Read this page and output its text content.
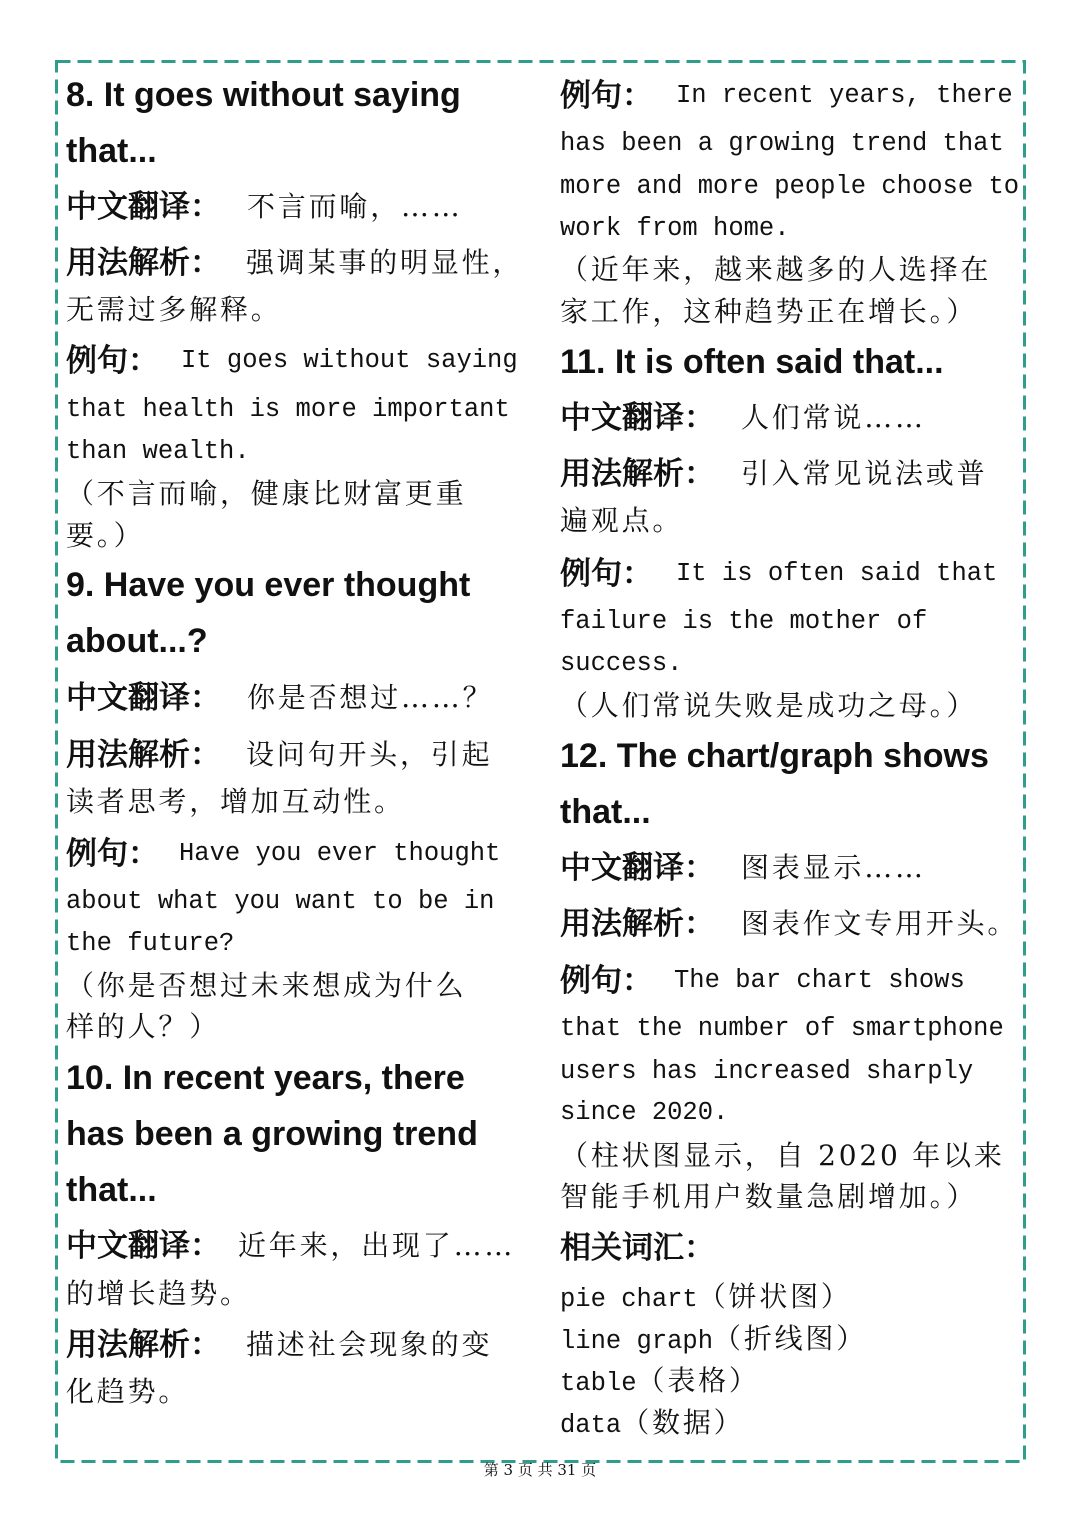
8. It goes without saying
that...
中文翻译： 不言而喻，……
用法解析： 强调某事的明显性，
无需过多解释。
例句： It goes without saying
that health is more important
than wealth.
（不言而喻，健康比财富更重
要。）
9. Have you ever thought
about...?
中文翻译： 你是否想过……？
用法解析： 设问句开头，引起
读者思考，增加互动性。
例句： Have you ever thought
about what you want to be in
the future?
（你是否想过未来想成为什么
样的人？）
10. In recent years, there
has been a growing trend
that...
中文翻译： 近年来，出现了……
的增长趋势。
用法解析： 描述社会现象的变
化趋势。
例句： In recent years, there
has been a growing trend that
more and more people choose to
work from home.
（近年来，越来越多的人选择在
家工作，这种趋势正在增长。）
11. It is often said that...
中文翻译： 人们常说……
用法解析： 引入常见说法或普
遍观点。
例句： It is often said that
failure is the mother of
success.
（人们常说失败是成功之母。）
12. The chart/graph shows
that...
中文翻译： 图表显示……
用法解析： 图表作文专用开头。
例句： The bar chart shows
that the number of smartphone
users has increased sharply
since 2020.
（柱状图显示，自 2020 年以来
智能手机用户数量急剧增加。）
相关词汇：
pie chart（饼状图）
line graph（折线图）
table（表格）
data（数据）
第 3 页 共 31 页
